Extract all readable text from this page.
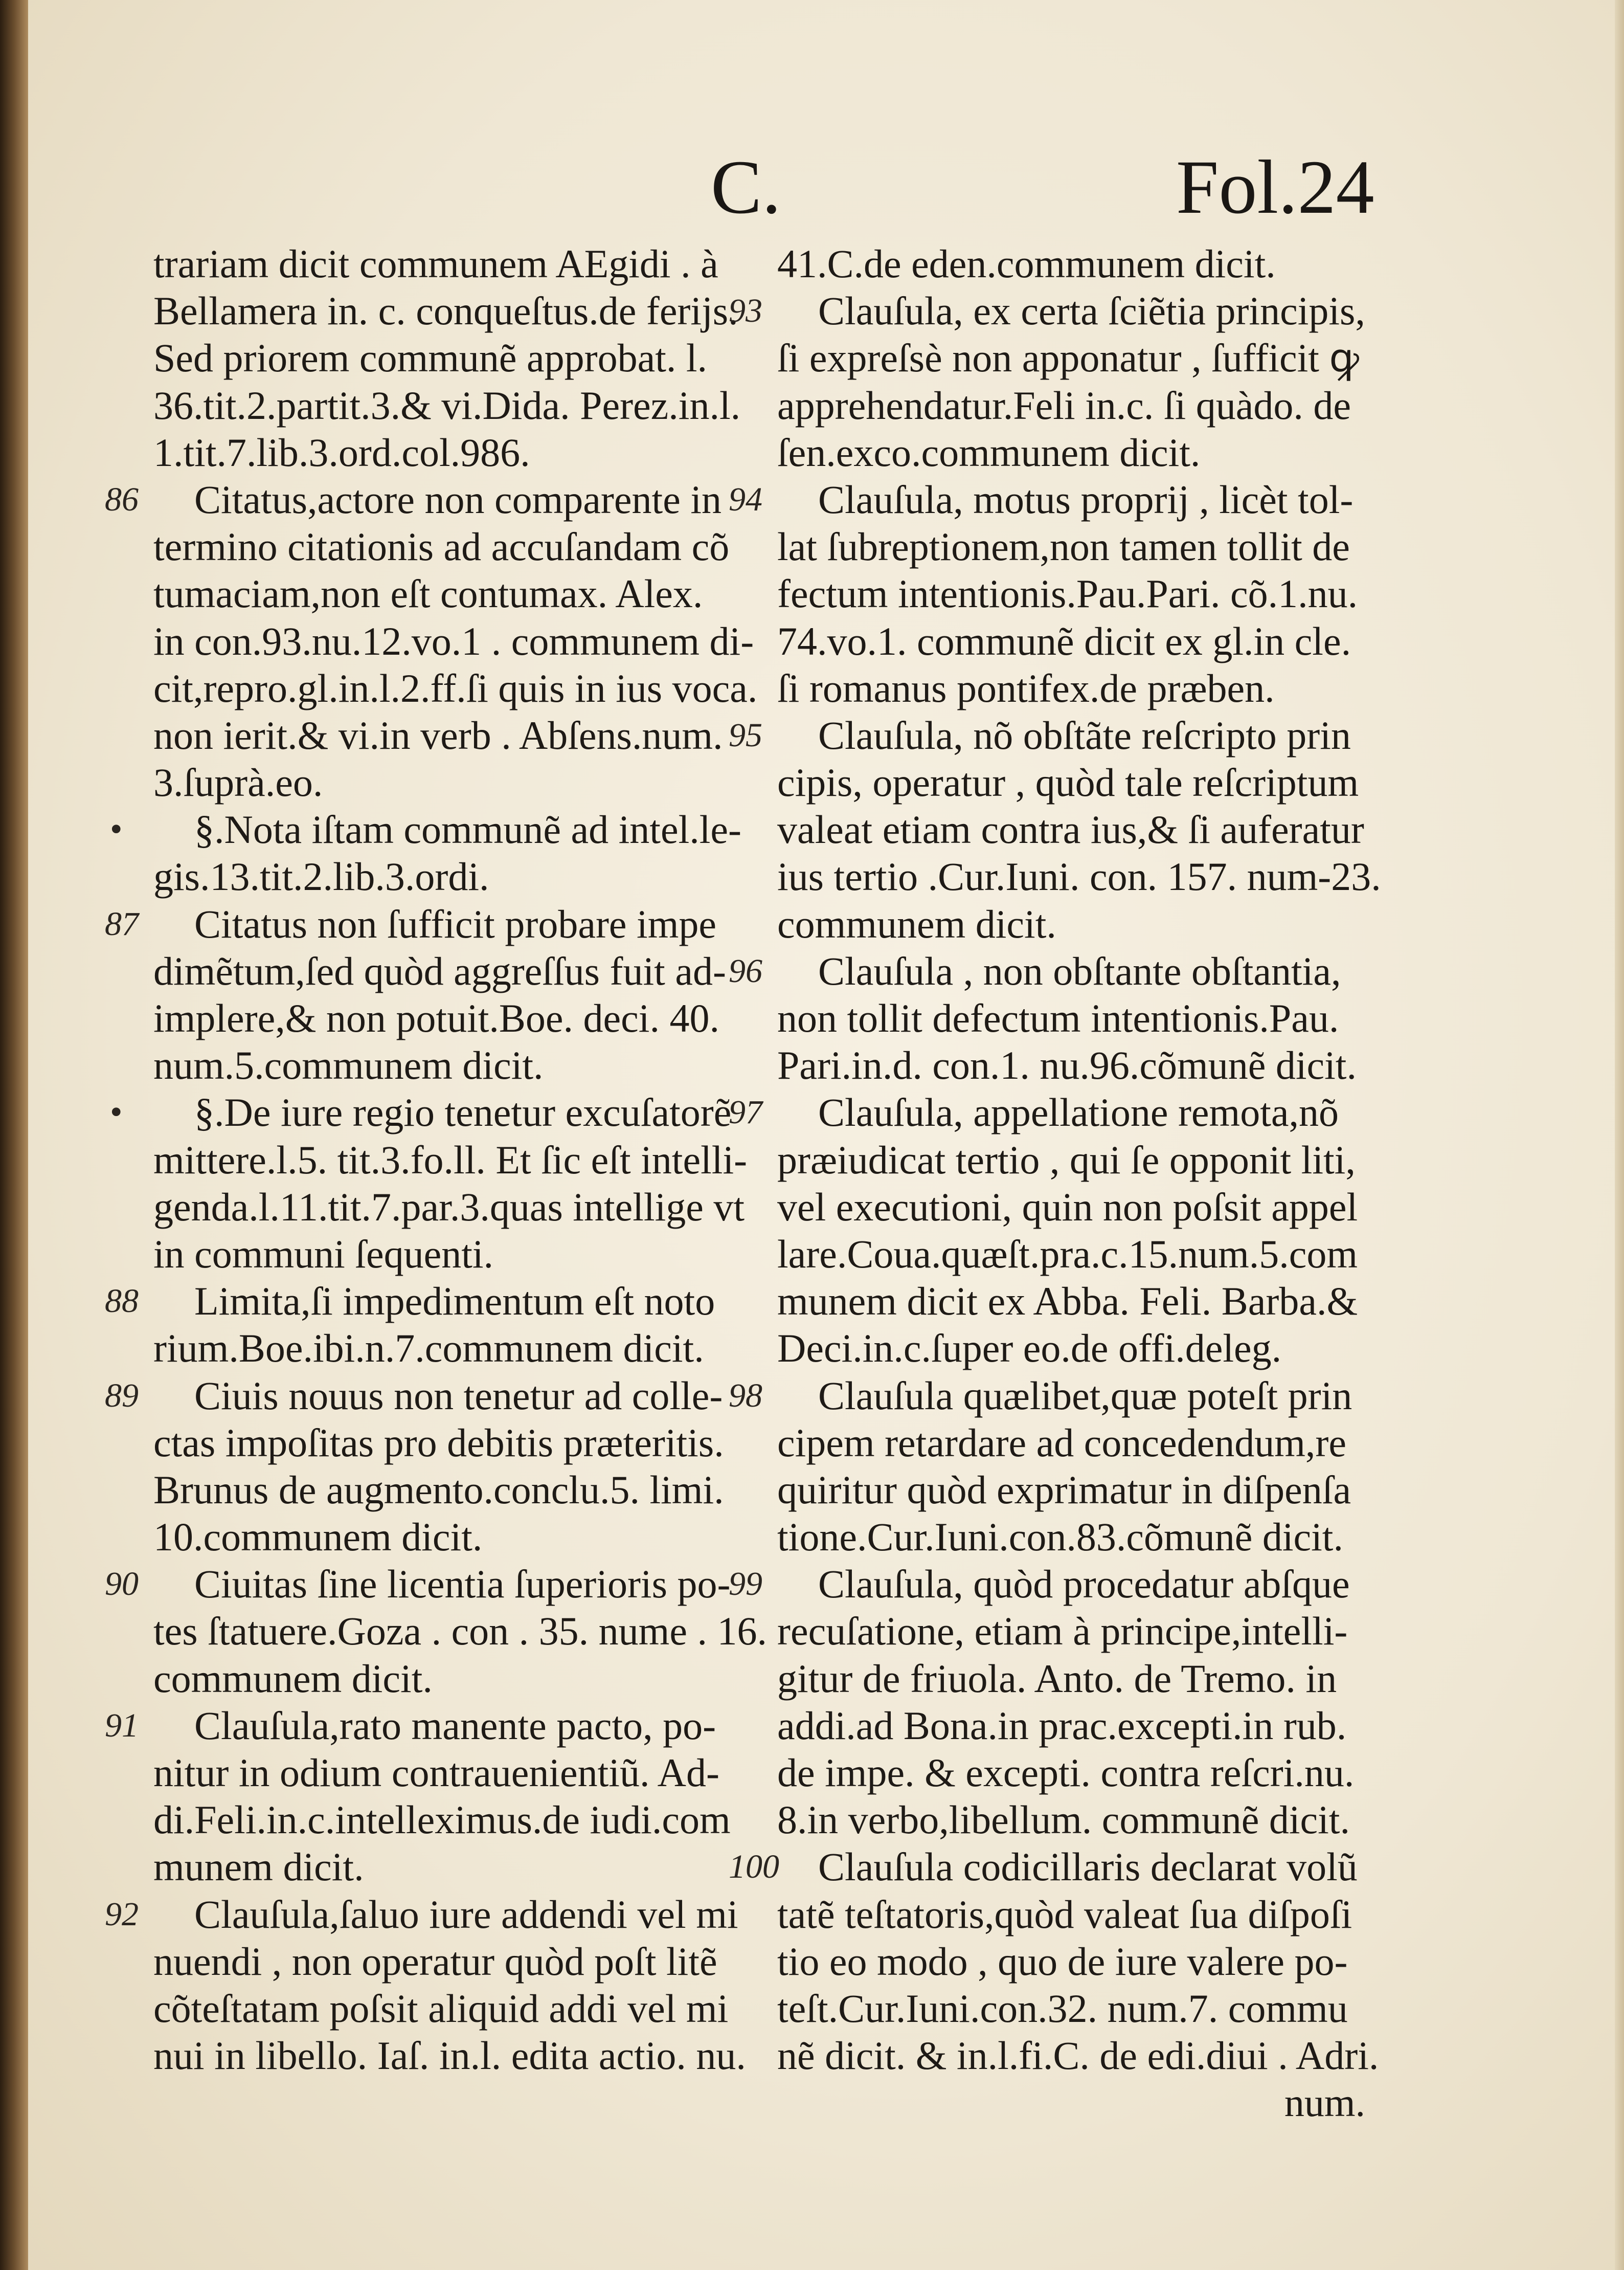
C.	Fol.24
trariam dicit communem AEgidi . à
Bellamera in. c. conqueſtus.de ferijs.
Sed priorem communẽ approbat. l.
36.tit.2.partit.3.& vi.Dida. Perez.in.l.
1.tit.7.lib.3.ord.col.986.
86 Citatus,actore non comparente in
termino citationis ad accuſandam cõ
tumaciam,non eſt contumax. Alex.
in con.93.nu.12.vo.1 . communem di-
cit,repro.gl.in.l.2.ff.ſi quis in ius voca.
non ierit.& vi.in verb . Abſens.num.
3.ſuprà.eo.
• §.Nota iſtam communẽ ad intel.le-
gis.13.tit.2.lib.3.ordi.
87 Citatus non ſufficit probare impe
dimẽtum,ſed quòd aggreſſus fuit ad-
implere,& non potuit.Boe. deci. 40.
num.5.communem dicit.
• §.De iure regio tenetur excuſatorẽ
mittere.l.5. tit.3.fo.ll. Et ſic eſt intelli-
genda.l.11.tit.7.par.3.quas intellige vt
in communi ſequenti.
88 Limita,ſi impedimentum eſt noto
rium.Boe.ibi.n.7.communem dicit.
89 Ciuis nouus non tenetur ad colle-
ctas impoſitas pro debitis præteritis.
Brunus de augmento.conclu.5. limi.
10.communem dicit.
90 Ciuitas ſine licentia ſuperioris po-
tes ſtatuere.Goza . con . 35. nume . 16.
communem dicit.
91 Clauſula,rato manente pacto, po-
nitur in odium contrauenientiũ. Ad-
di.Feli.in.c.intelleximus.de iudi.com
munem dicit.
92 Clauſula,ſaluo iure addendi vel mi
nuendi , non operatur quòd poſt litẽ
cõteſtatam poſsit aliquid addi vel mi
nui in libello. Iaſ. in.l. edita actio. nu.
41.C.de eden.communem dicit.
93 Clauſula, ex certa ſciẽtia principis,
ſi expreſsè non apponatur , ſufficit ꝙ
apprehendatur.Feli in.c. ſi quàdo. de
ſen.exco.communem dicit.
94 Clauſula, motus proprij , licèt tol-
lat ſubreptionem,non tamen tollit de
fectum intentionis.Pau.Pari. cõ.1.nu.
74.vo.1. communẽ dicit ex gl.in cle.
ſi romanus pontifex.de præben.
95 Clauſula, nõ obſtãte reſcripto prin
cipis, operatur , quòd tale reſcriptum
valeat etiam contra ius,& ſi auferatur
ius tertio .Cur.Iuni. con. 157. num-23.
communem dicit.
96 Clauſula , non obſtante obſtantia,
non tollit defectum intentionis.Pau.
Pari.in.d. con.1. nu.96.cõmunẽ dicit.
97 Clauſula, appellatione remota,nõ
præiudicat tertio , qui ſe opponit liti,
vel executioni, quin non poſsit appel
lare.Coua.quæſt.pra.c.15.num.5.com
munem dicit ex Abba. Feli. Barba.&
Deci.in.c.ſuper eo.de offi.deleg.
98 Clauſula quælibet,quæ poteſt prin
cipem retardare ad concedendum,re
quiritur quòd exprimatur in diſpenſa
tione.Cur.Iuni.con.83.cõmunẽ dicit.
99 Clauſula, quòd procedatur abſque
recuſatione, etiam à principe,intelli-
gitur de friuola. Anto. de Tremo. in
addi.ad Bona.in prac.excepti.in rub.
de impe. & excepti. contra reſcri.nu.
8.in verbo,libellum. communẽ dicit.
100 Clauſula codicillaris declarat volũ
tatẽ teſtatoris,quòd valeat ſua diſpoſi
tio eo modo , quo de iure valere po-
teſt.Cur.Iuni.con.32. num.7. commu
nẽ dicit. & in.l.fi.C. de edi.diui . Adri.
num.
